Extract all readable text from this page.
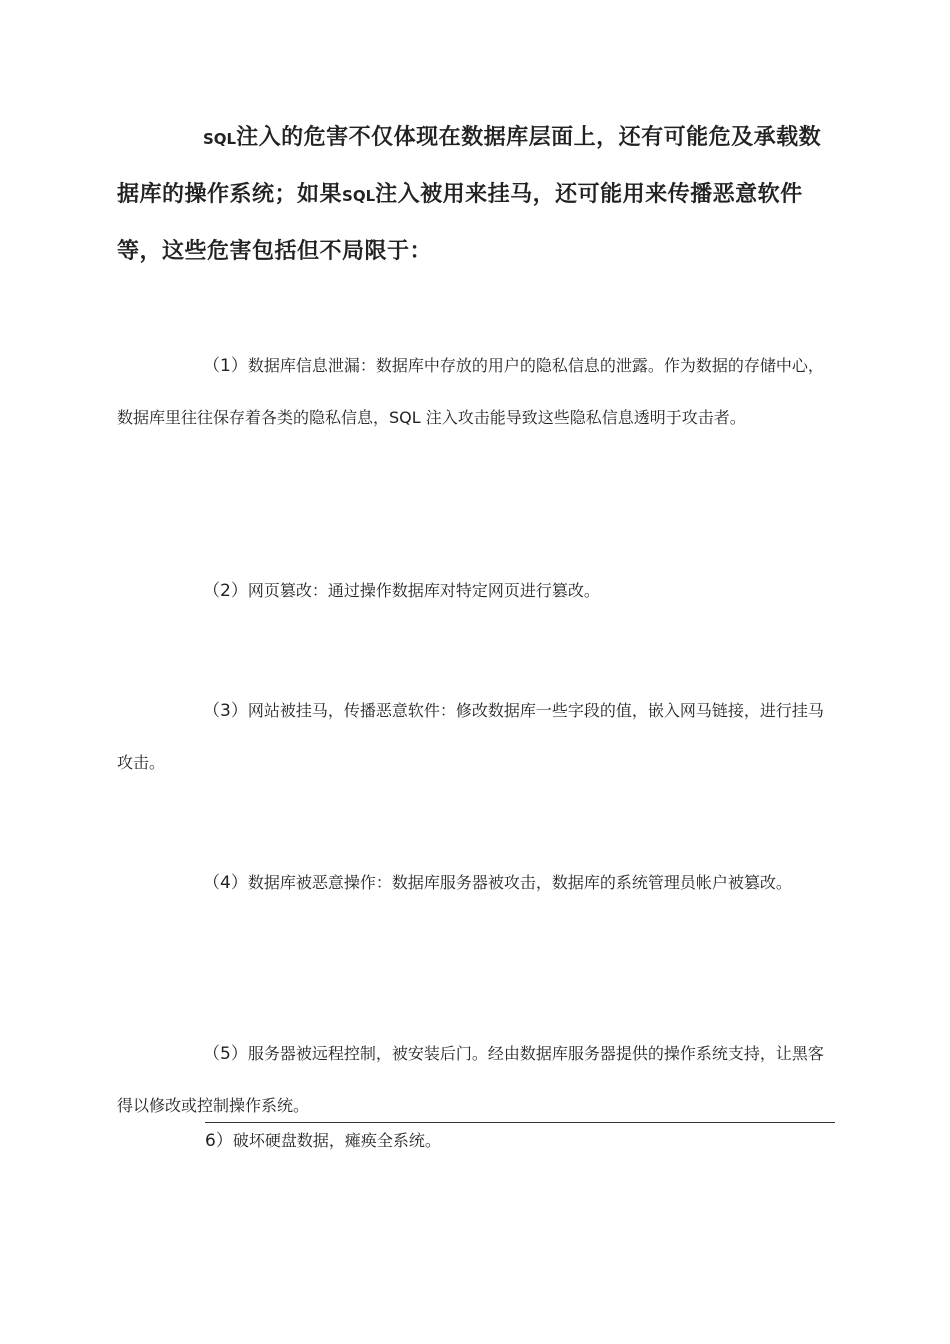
SQL注入的危害不仅体现在数据库层面上，还有可能危及承载数据库的操作系统；如果SQL注入被用来挂马，还可能用来传播恶意软件等，这些危害包括但不局限于：

（1）数据库信息泄漏：数据库中存放的用户的隐私信息的泄露。作为数据的存储中心，数据库里往往保存着各类的隐私信息，SQL 注入攻击能导致这些隐私信息透明于攻击者。

（2）网页篡改：通过操作数据库对特定网页进行篡改。

（3）网站被挂马，传播恶意软件：修改数据库一些字段的值，嵌入网马链接，进行挂马攻击。

（4）数据库被恶意操作：数据库服务器被攻击，数据库的系统管理员帐户被篡改。

（5）服务器被远程控制，被安装后门。经由数据库服务器提供的操作系统支持，让黑客得以修改或控制操作系统。

6）破坏硬盘数据，瘫痪全系统。
